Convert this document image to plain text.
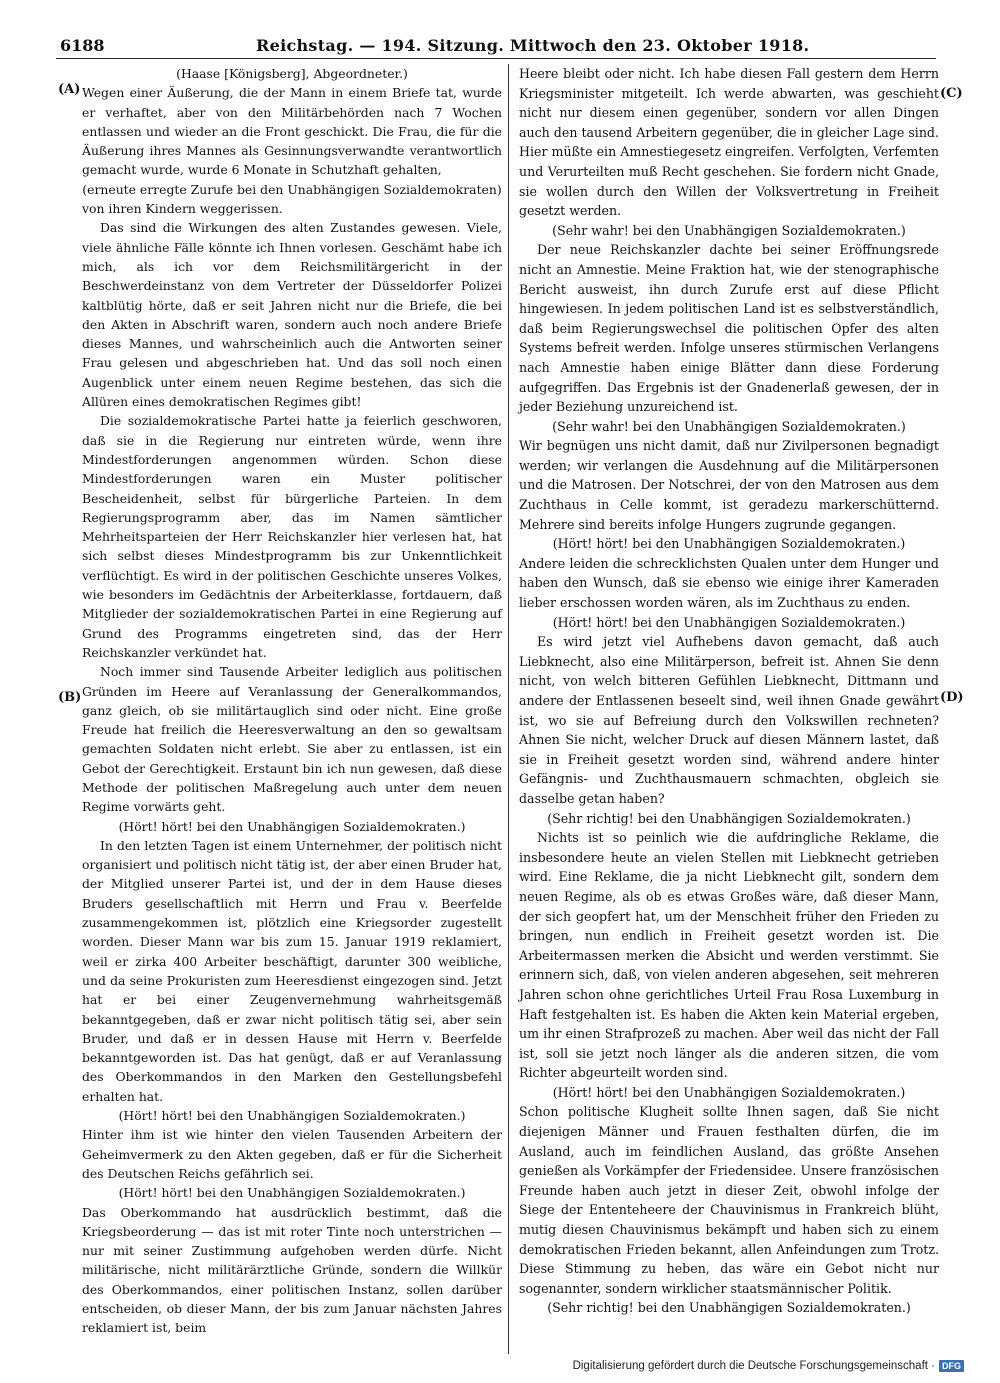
6188	Reichstag. — 194. Sitzung. Mittwoch den 23. Oktober 1918.
(A)
(B)
(C)
(D)

(Haase [Königsberg], Abgeordneter.)

Wegen einer Äußerung, die der Mann in einem Briefe tat, wurde er verhaftet, aber von den Militärbehörden nach 7 Wochen entlassen und wieder an die Front geschickt. Die Frau, die für die Äußerung ihres Mannes als Gesinnungsverwandte verantwortlich gemacht wurde, wurde 6 Monate in Schutzhaft gehalten,

(erneute erregte Zurufe bei den Unabhängigen Sozialdemokraten)

von ihren Kindern weggerissen.

Das sind die Wirkungen des alten Zustandes gewesen. Viele, viele ähnliche Fälle könnte ich Ihnen vorlesen. Geschämt habe ich mich, als ich vor dem Reichsmilitärgericht in der Beschwerdeinstanz von dem Vertreter der Düsseldorfer Polizei kaltblütig hörte, daß er seit Jahren nicht nur die Briefe, die bei den Akten in Abschrift waren, sondern auch noch andere Briefe dieses Mannes, und wahrscheinlich auch die Antworten seiner Frau gelesen und abgeschrieben hat. Und das soll noch einen Augenblick unter einem neuen Regime bestehen, das sich die Allüren eines demokratischen Regimes gibt!

Die sozialdemokratische Partei hatte ja feierlich geschworen, daß sie in die Regierung nur eintreten würde, wenn ihre Mindestforderungen angenommen würden. Schon diese Mindestforderungen waren ein Muster politischer Bescheidenheit, selbst für bürgerliche Parteien. In dem Regierungsprogramm aber, das im Namen sämtlicher Mehrheitsparteien der Herr Reichskanzler hier verlesen hat, hat sich selbst dieses Mindestprogramm bis zur Unkenntlichkeit verflüchtigt. Es wird in der politischen Geschichte unseres Volkes, wie besonders im Gedächtnis der Arbeiterklasse, fortdauern, daß Mitglieder der sozialdemokratischen Partei in eine Regierung auf Grund des Programms eingetreten sind, das der Herr Reichskanzler verkündet hat.

Noch immer sind Tausende Arbeiter lediglich aus politischen Gründen im Heere auf Veranlassung der Generalkommandos, ganz gleich, ob sie militärtauglich sind oder nicht. Eine große Freude hat freilich die Heeresverwaltung an den so gewaltsam gemachten Soldaten nicht erlebt. Sie aber zu entlassen, ist ein Gebot der Gerechtigkeit. Erstaunt bin ich nun gewesen, daß diese Methode der politischen Maßregelung auch unter dem neuen Regime vorwärts geht.

(Hört! hört! bei den Unabhängigen Sozialdemokraten.)

In den letzten Tagen ist einem Unternehmer, der politisch nicht organisiert und politisch nicht tätig ist, der aber einen Bruder hat, der Mitglied unserer Partei ist, und der in dem Hause dieses Bruders gesellschaftlich mit Herrn und Frau v. Beerfelde zusammengekommen ist, plötzlich eine Kriegsorder zugestellt worden. Dieser Mann war bis zum 15. Januar 1919 reklamiert, weil er zirka 400 Arbeiter beschäftigt, darunter 300 weibliche, und da seine Prokuristen zum Heeresdienst eingezogen sind. Jetzt hat er bei einer Zeugenvernehmung wahrheitsgemäß bekanntgegeben, daß er zwar nicht politisch tätig sei, aber sein Bruder, und daß er in dessen Hause mit Herrn v. Beerfelde bekanntgeworden ist. Das hat genügt, daß er auf Veranlassung des Oberkommandos in den Marken den Gestellungsbefehl erhalten hat.

(Hört! hört! bei den Unabhängigen Sozialdemokraten.)

Hinter ihm ist wie hinter den vielen Tausenden Arbeitern der Geheimvermerk zu den Akten gegeben, daß er für die Sicherheit des Deutschen Reichs gefährlich sei.

(Hört! hört! bei den Unabhängigen Sozialdemokraten.)

Das Oberkommando hat ausdrücklich bestimmt, daß die Kriegsbeorderung — das ist mit roter Tinte noch unterstrichen — nur mit seiner Zustimmung aufgehoben werden dürfe. Nicht militärische, nicht militärärztliche Gründe, sondern die Willkür des Oberkommandos, einer politischen Instanz, sollen darüber entscheiden, ob dieser Mann, der bis zum Januar nächsten Jahres reklamiert ist, beim

Heere bleibt oder nicht. Ich habe diesen Fall gestern dem Herrn Kriegsminister mitgeteilt. Ich werde abwarten, was geschieht nicht nur diesem einen gegenüber, sondern vor allen Dingen auch den tausend Arbeitern gegenüber, die in gleicher Lage sind. Hier müßte ein Amnestiegesetz eingreifen. Verfolgten, Verfemten und Verurteilten muß Recht geschehen. Sie fordern nicht Gnade, sie wollen durch den Willen der Volksvertretung in Freiheit gesetzt werden.

(Sehr wahr! bei den Unabhängigen Sozialdemokraten.)

Der neue Reichskanzler dachte bei seiner Eröffnungsrede nicht an Amnestie. Meine Fraktion hat, wie der stenographische Bericht ausweist, ihn durch Zurufe erst auf diese Pflicht hingewiesen. In jedem politischen Land ist es selbstverständlich, daß beim Regierungswechsel die politischen Opfer des alten Systems befreit werden. Infolge unseres stürmischen Verlangens nach Amnestie haben einige Blätter dann diese Forderung aufgegriffen. Das Ergebnis ist der Gnadenerlaß gewesen, der in jeder Beziehung unzureichend ist.

(Sehr wahr! bei den Unabhängigen Sozialdemokraten.)

Wir begnügen uns nicht damit, daß nur Zivilpersonen begnadigt werden; wir verlangen die Ausdehnung auf die Militärpersonen und die Matrosen. Der Notschrei, der von den Matrosen aus dem Zuchthaus in Celle kommt, ist geradezu markerschütternd. Mehrere sind bereits infolge Hungers zugrunde gegangen.

(Hört! hört! bei den Unabhängigen Sozialdemokraten.)

Andere leiden die schrecklichsten Qualen unter dem Hunger und haben den Wunsch, daß sie ebenso wie einige ihrer Kameraden lieber erschossen worden wären, als im Zuchthaus zu enden.

(Hört! hört! bei den Unabhängigen Sozialdemokraten.)

Es wird jetzt viel Aufhebens davon gemacht, daß auch Liebknecht, also eine Militärperson, befreit ist. Ahnen Sie denn nicht, von welch bitteren Gefühlen Liebknecht, Dittmann und andere der Entlassenen beseelt sind, weil ihnen Gnade gewährt ist, wo sie auf Befreiung durch den Volkswillen rechneten? Ahnen Sie nicht, welcher Druck auf diesen Männern lastet, daß sie in Freiheit gesetzt worden sind, während andere hinter Gefängnis- und Zuchthausmauern schmachten, obgleich sie dasselbe getan haben?

(Sehr richtig! bei den Unabhängigen Sozialdemokraten.)

Nichts ist so peinlich wie die aufdringliche Reklame, die insbesondere heute an vielen Stellen mit Liebknecht getrieben wird. Eine Reklame, die ja nicht Liebknecht gilt, sondern dem neuen Regime, als ob es etwas Großes wäre, daß dieser Mann, der sich geopfert hat, um der Menschheit früher den Frieden zu bringen, nun endlich in Freiheit gesetzt worden ist. Die Arbeitermassen merken die Absicht und werden verstimmt. Sie erinnern sich, daß, von vielen anderen abgesehen, seit mehreren Jahren schon ohne gerichtliches Urteil Frau Rosa Luxemburg in Haft festgehalten ist. Es haben die Akten kein Material ergeben, um ihr einen Strafprozeß zu machen. Aber weil das nicht der Fall ist, soll sie jetzt noch länger als die anderen sitzen, die vom Richter abgeurteilt worden sind.

(Hört! hört! bei den Unabhängigen Sozialdemokraten.)

Schon politische Klugheit sollte Ihnen sagen, daß Sie nicht diejenigen Männer und Frauen festhalten dürfen, die im Ausland, auch im feindlichen Ausland, das größte Ansehen genießen als Vorkämpfer der Friedensidee. Unsere französischen Freunde haben auch jetzt in dieser Zeit, obwohl infolge der Siege der Ententeheere der Chauvinismus in Frankreich blüht, mutig diesen Chauvinismus bekämpft und haben sich zu einem demokratischen Frieden bekannt, allen Anfeindungen zum Trotz. Diese Stimmung zu heben, das wäre ein Gebot nicht nur sogenannter, sondern wirklicher staatsmännischer Politik.

(Sehr richtig! bei den Unabhängigen Sozialdemokraten.)

Digitalisierung gefördert durch die Deutsche Forschungsgemeinschaft · DFG
